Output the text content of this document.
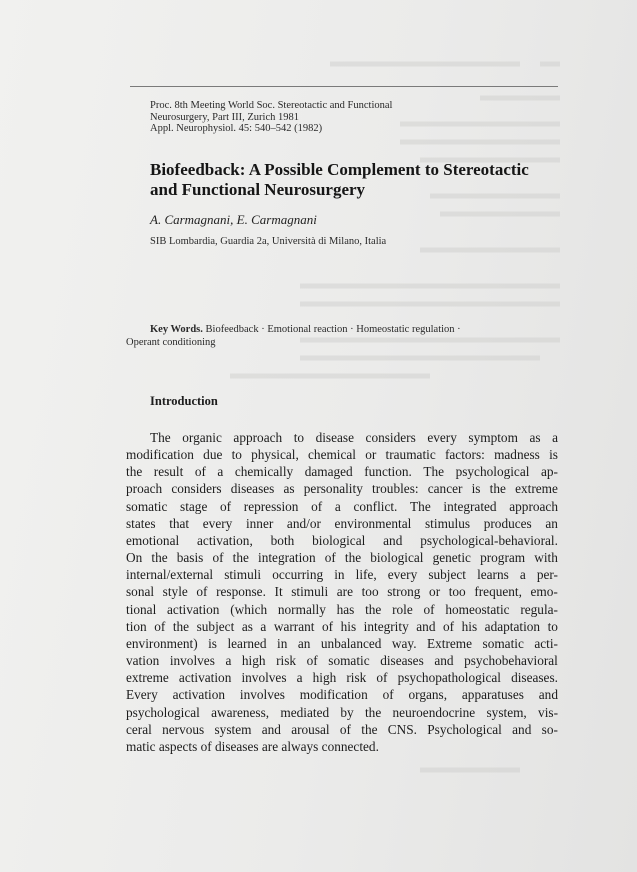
Proc. 8th Meeting World Soc. Stereotactic and Functional
Neurosurgery, Part III, Zurich 1981
Appl. Neurophysiol. 45: 540–542 (1982)
Biofeedback: A Possible Complement to Stereotactic
and Functional Neurosurgery
A. Carmagnani, E. Carmagnani
SIB Lombardia, Guardia 2a, Università di Milano, Italia
Key Words. Biofeedback · Emotional reaction · Homeostatic regulation ·
Operant conditioning
Introduction
The organic approach to disease considers every symptom as a
modification due to physical, chemical or traumatic factors: madness is
the result of a chemically damaged function. The psychological ap-
proach considers diseases as personality troubles: cancer is the extreme
somatic stage of repression of a conflict. The integrated approach
states that every inner and/or environmental stimulus produces an
emotional activation, both biological and psychological-behavioral.
On the basis of the integration of the biological genetic program with
internal/external stimuli occurring in life, every subject learns a per-
sonal style of response. It stimuli are too strong or too frequent, emo-
tional activation (which normally has the role of homeostatic regula-
tion of the subject as a warrant of his integrity and of his adaptation to
environment) is learned in an unbalanced way. Extreme somatic acti-
vation involves a high risk of somatic diseases and psychobehavioral
extreme activation involves a high risk of psychopathological diseases.
Every activation involves modification of organs, apparatuses and
psychological awareness, mediated by the neuroendocrine system, vis-
ceral nervous system and arousal of the CNS. Psychological and so-
matic aspects of diseases are always connected.
